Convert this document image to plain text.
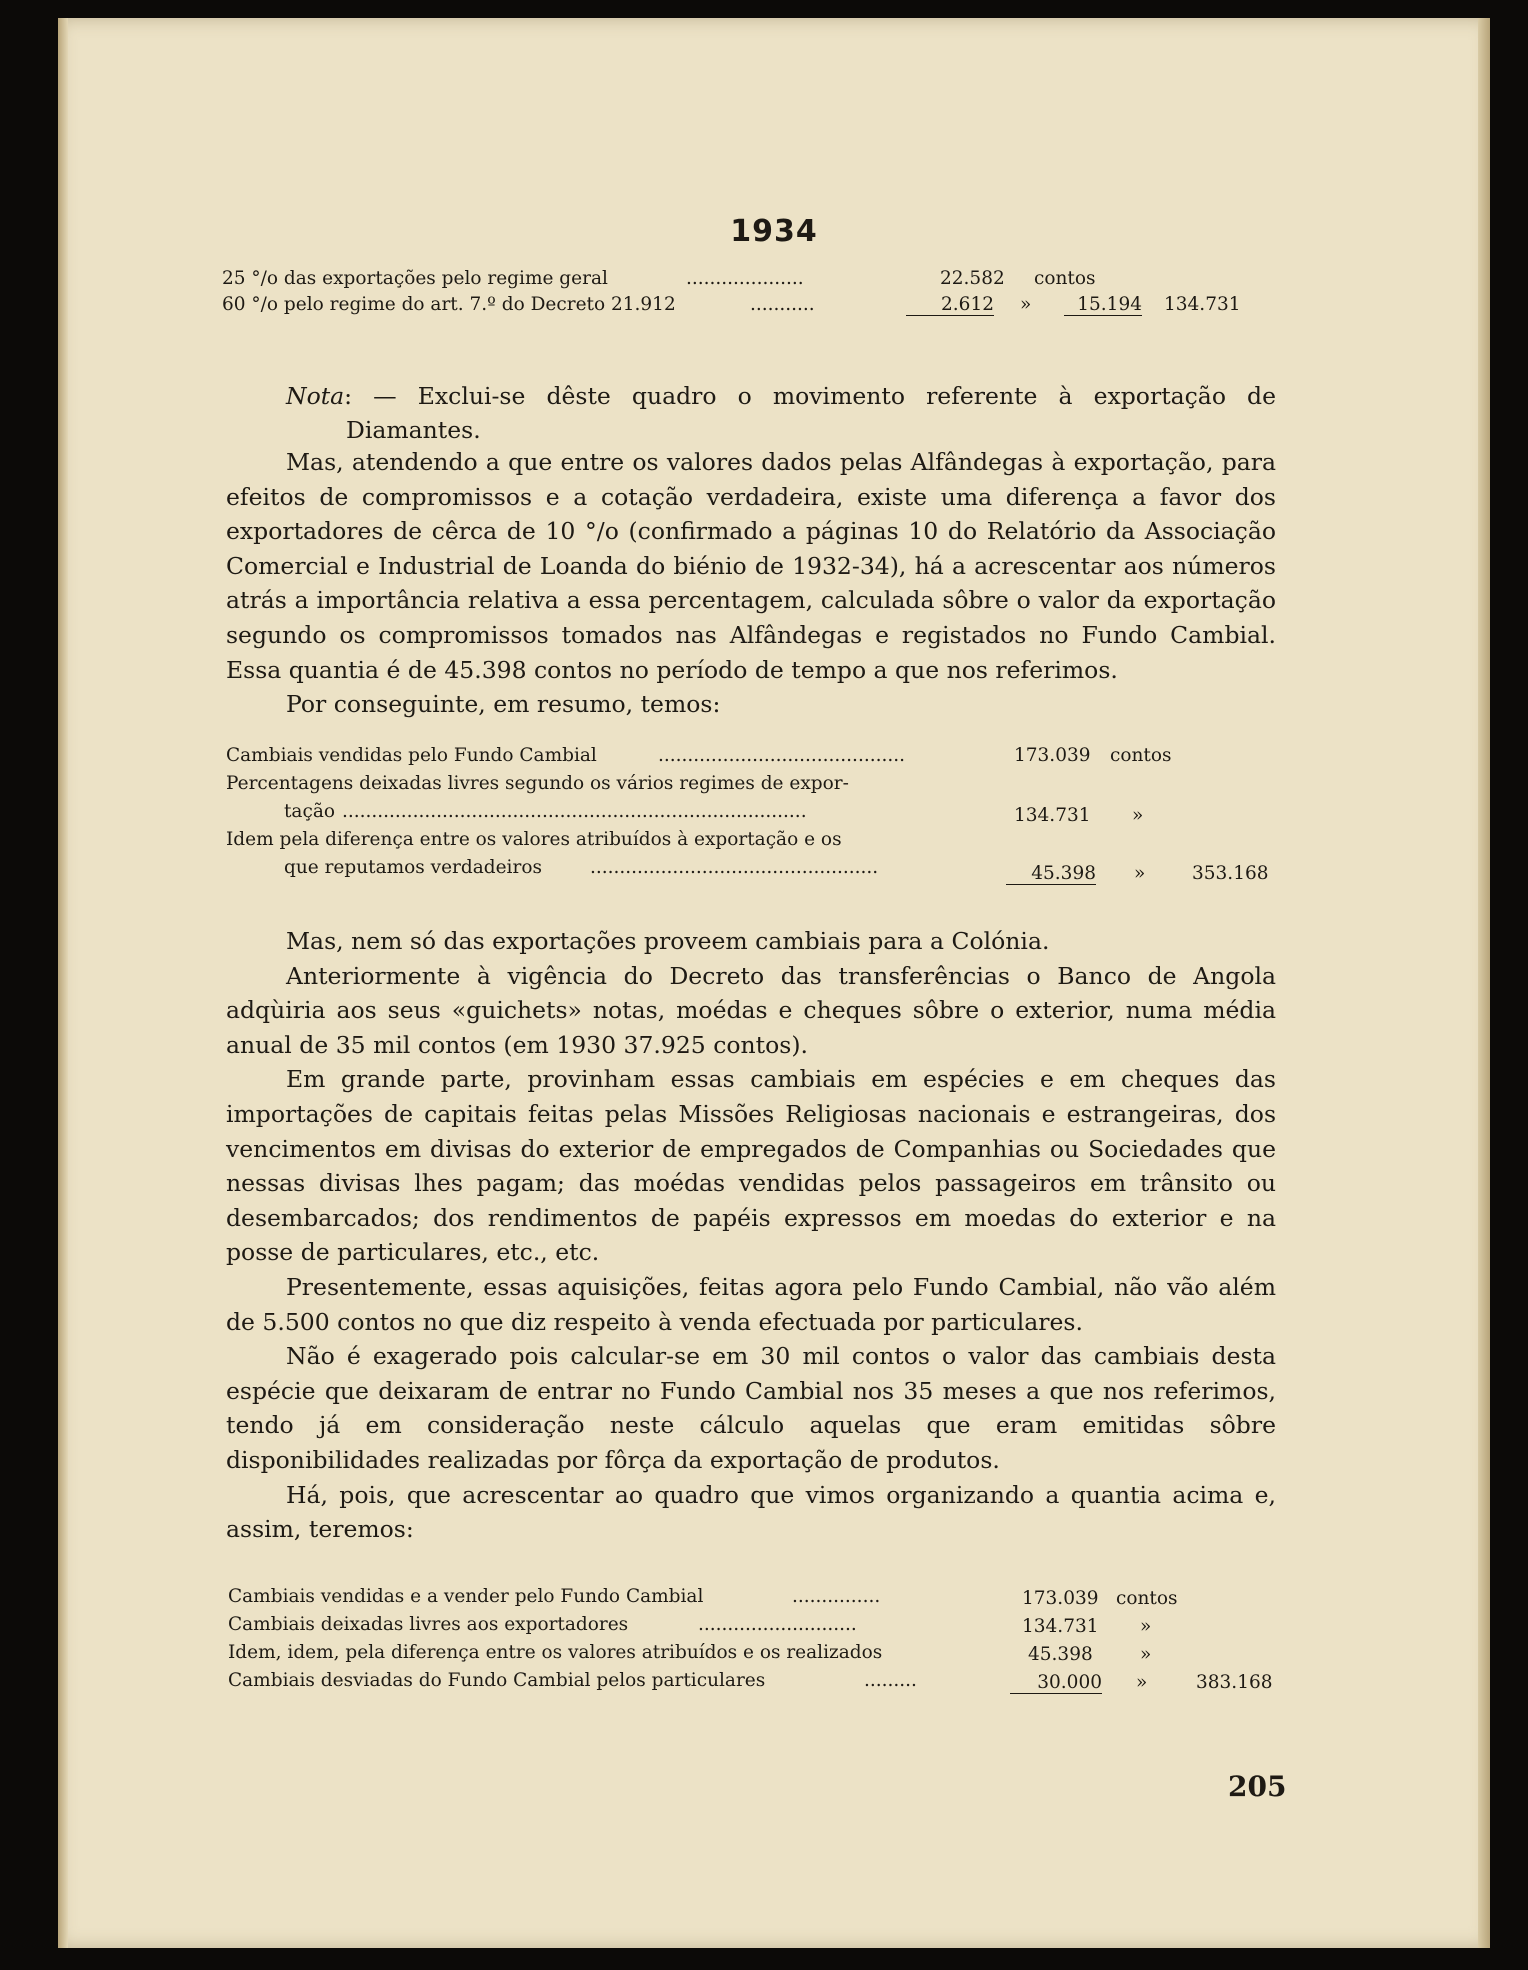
1934
25 °/o das exportações pelo regime geral	....................	22.582 contos
60 °/o pelo regime do art. 7.º do Decreto 21.912	...........	2.612 »	15.194 134.731
Nota: — Exclui-se dêste quadro o movimento referente à exportação de Diamantes.

Mas, atendendo a que entre os valores dados pelas Alfândegas à exportação, para efeitos de compromissos e a cotação verdadeira, existe uma diferença a favor dos exportadores de cêrca de 10 °/o (confirmado a páginas 10 do Relatório da Associação Comercial e Industrial de Loanda do biénio de 1932-34), há a acrescentar aos números atrás a importância relativa a essa percentagem, calculada sôbre o valor da exportação segundo os compromissos tomados nas Alfândegas e registados no Fundo Cambial. Essa quantia é de 45.398 contos no período de tempo a que nos referimos.

Por conseguinte, em resumo, temos:

Cambiais vendidas pelo Fundo Cambial	..........................................	173.039 contos
Percentagens deixadas livres segundo os vários regimes de expor-
tação ...............................................................................	134.731 »
Idem pela diferença entre os valores atribuídos à exportação e os
que reputamos verdadeiros	.................................................	45.398 »	353.168

Mas, nem só das exportações proveem cambiais para a Colónia.

Anteriormente à vigência do Decreto das transferências o Banco de Angola adqùiria aos seus «guichets» notas, moédas e cheques sôbre o exterior, numa média anual de 35 mil contos (em 1930 37.925 contos).

Em grande parte, provinham essas cambiais em espécies e em cheques das importações de capitais feitas pelas Missões Religiosas nacionais e estrangeiras, dos vencimentos em divisas do exterior de empregados de Companhias ou Sociedades que nessas divisas lhes pagam; das moédas vendidas pelos passageiros em trânsito ou desembarcados; dos rendimentos de papéis expressos em moedas do exterior e na posse de particulares, etc., etc.

Presentemente, essas aquisições, feitas agora pelo Fundo Cambial, não vão além de 5.500 contos no que diz respeito à venda efectuada por particulares.

Não é exagerado pois calcular-se em 30 mil contos o valor das cambiais desta espécie que deixaram de entrar no Fundo Cambial nos 35 meses a que nos referimos, tendo já em consideração neste cálculo aquelas que eram emitidas sôbre disponibilidades realizadas por fôrça da exportação de produtos.

Há, pois, que acrescentar ao quadro que vimos organizando a quantia acima e, assim, teremos:

Cambiais vendidas e a vender pelo Fundo Cambial	...............	173.039 contos
Cambiais deixadas livres aos exportadores	...........................	134.731 »
Idem, idem, pela diferença entre os valores atribuídos e os realizados	45.398	»
Cambiais desviadas do Fundo Cambial pelos particulares	.........	30.000 »	383.168
205
